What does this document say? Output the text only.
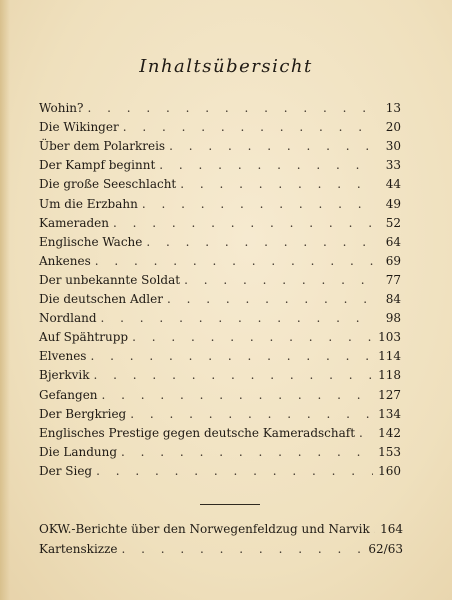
Inhaltsübersicht
Wohin? . . .	13
Die Wikinger . . .	20
Über dem Polarkreis . . .	30
Der Kampf beginnt . . .	33
Die große Seeschlacht . . .	44
Um die Erzbahn . . .	49
Kameraden . . .	52
Englische Wache . . .	64
Ankenes . . .	69
Der unbekannte Soldat . . .	77
Die deutschen Adler . . .	84
Nordland . . .	98
Auf Spähtrupp . . .	103
Elvenes . . .	114
Bjerkvik . . .	118
Gefangen . . .	127
Der Bergkrieg . . .	134
Englisches Prestige gegen deutsche Kameradschaft . . . 142
Die Landung . . .	153
Der Sieg . . .	160
OKW.-Berichte über den Norwegenfeldzug und Narvik . . . 164
Kartenskizze . . .	62/63
